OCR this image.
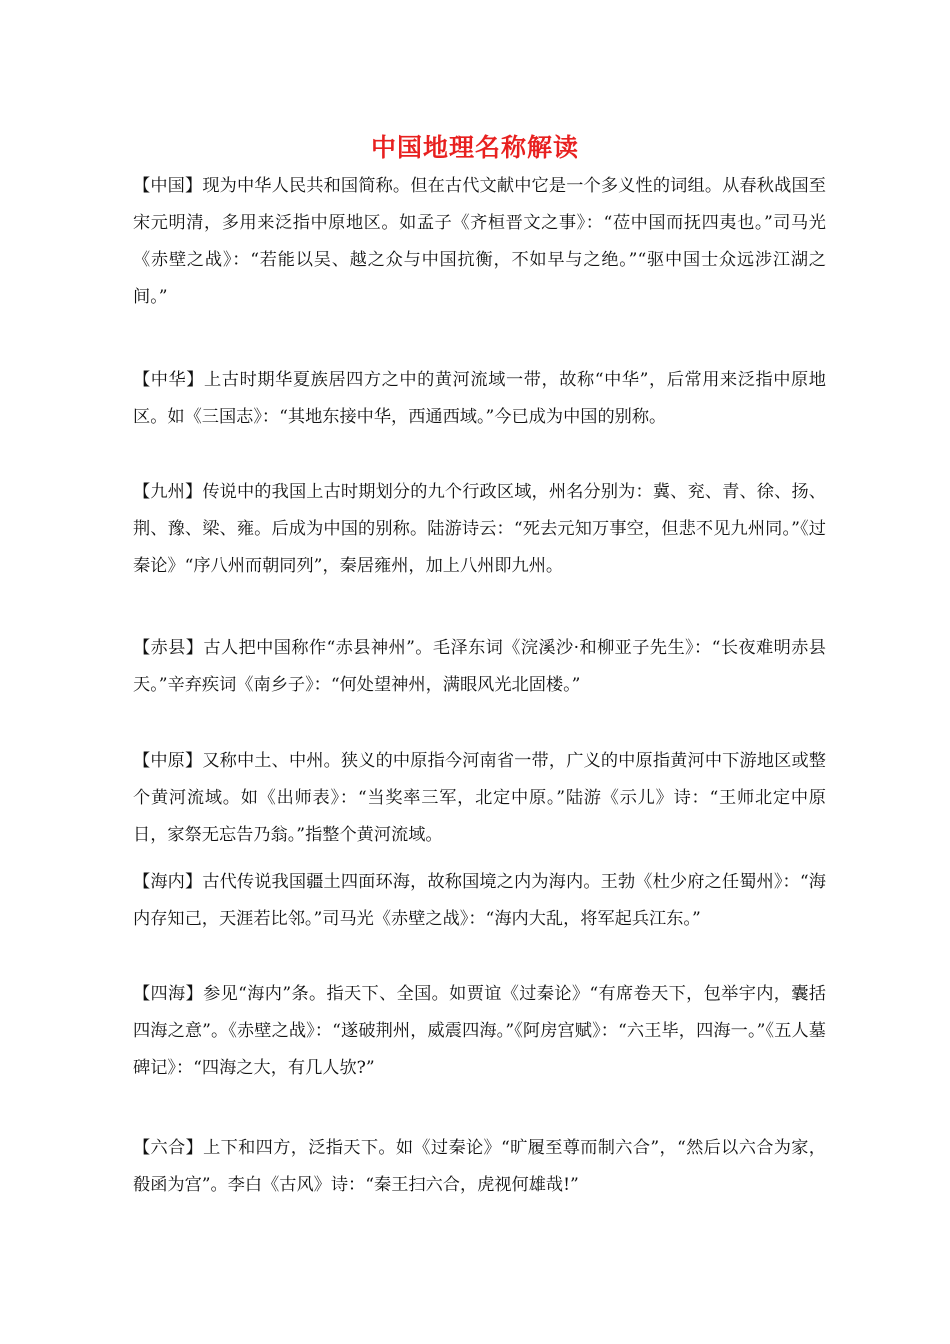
中国地理名称解读
【中国】现为中华人民共和国简称。但在古代文献中它是一个多义性的词组。从春秋战国至宋元明清，多用来泛指中原地区。如孟子《齐桓晋文之事》：“莅中国而抚四夷也。”司马光《赤壁之战》：“若能以吴、越之众与中国抗衡，不如早与之绝。”“驱中国士众远涉江湖之间。”
【中华】上古时期华夏族居四方之中的黄河流域一带，故称“中华”，后常用来泛指中原地区。如《三国志》：“其地东接中华，西通西域。”今已成为中国的别称。
【九州】传说中的我国上古时期划分的九个行政区域，州名分别为：冀、兖、青、徐、扬、荆、豫、梁、雍。后成为中国的别称。陆游诗云：“死去元知万事空，但悲不见九州同。”《过秦论》“序八州而朝同列”，秦居雍州，加上八州即九州。
【赤县】古人把中国称作“赤县神州”。毛泽东词《浣溪沙·和柳亚子先生》：“长夜难明赤县天。”辛弃疾词《南乡子》：“何处望神州，满眼风光北固楼。”
【中原】又称中土、中州。狭义的中原指今河南省一带，广义的中原指黄河中下游地区或整个黄河流域。如《出师表》：“当奖率三军，北定中原。”陆游《示儿》诗：“王师北定中原日，家祭无忘告乃翁。”指整个黄河流域。
【海内】古代传说我国疆土四面环海，故称国境之内为海内。王勃《杜少府之任蜀州》：“海内存知己，天涯若比邻。”司马光《赤壁之战》：“海内大乱，将军起兵江东。”
【四海】参见“海内”条。指天下、全国。如贾谊《过秦论》“有席卷天下，包举宇内，囊括四海之意”。《赤壁之战》：“遂破荆州，威震四海。”《阿房宫赋》：“六王毕，四海一。”《五人墓碑记》：“四海之大，有几人欤?”
【六合】上下和四方，泛指天下。如《过秦论》“旷履至尊而制六合”，“然后以六合为家，殽函为宫”。李白《古风》诗：“秦王扫六合，虎视何雄哉!”
